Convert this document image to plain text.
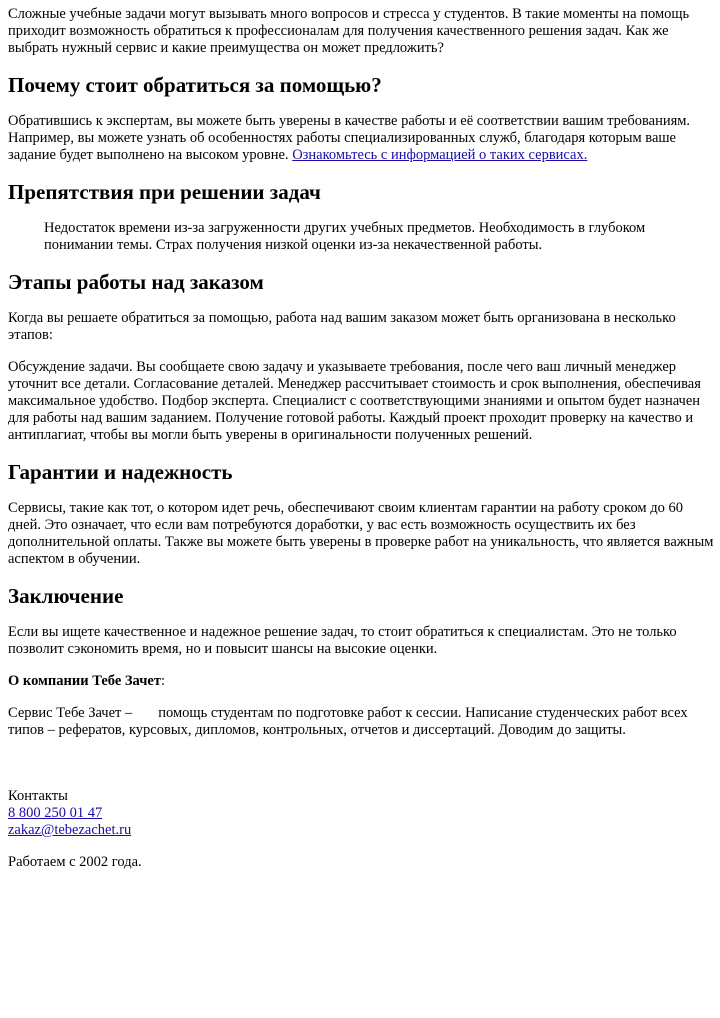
Сложные учебные задачи могут вызывать много вопросов и стресса у студентов. В такие моменты на помощь приходит возможность обратиться к профессионалам для получения качественного решения задач. Как же выбрать нужный сервис и какие преимущества он может предложить?

Почему стоит обратиться за помощью?

Обратившись к экспертам, вы можете быть уверены в качестве работы и её соответствии вашим требованиям. Например, вы можете узнать об особенностях работы специализированных служб, благодаря которым ваше задание будет выполнено на высоком уровне. Ознакомьтесь с информацией о таких сервисах.

Препятствия при решении задач
Недостаток времени из-за загруженности других учебных предметов. Необходимость в глубоком понимании темы. Страх получения низкой оценки из-за некачественной работы.
Этапы работы над заказом

Когда вы решаете обратиться за помощью, работа над вашим заказом может быть организована в несколько этапов:

Обсуждение задачи. Вы сообщаете свою задачу и указываете требования, после чего ваш личный менеджер уточнит все детали. Согласование деталей. Менеджер рассчитывает стоимость и срок выполнения, обеспечивая максимальное удобство. Подбор эксперта. Специалист с соответствующими знаниями и опытом будет назначен для работы над вашим заданием. Получение готовой работы. Каждый проект проходит проверку на качество и антиплагиат, чтобы вы могли быть уверены в оригинальности полученных решений.

Гарантии и надежность

Сервисы, такие как тот, о котором идет речь, обеспечивают своим клиентам гарантии на работу сроком до 60 дней. Это означает, что если вам потребуются доработки, у вас есть возможность осуществить их без дополнительной оплаты. Также вы можете быть уверены в проверке работ на уникальность, что является важным аспектом в обучении.

Заключение

Если вы ищете качественное и надежное решение задач, то стоит обратиться к специалистам. Это не только позволит сэкономить время, но и повысит шансы на высокие оценки.

О компании Тебе Зачет:

Сервис Тебе Зачет – помощь студентам по подготовке работ к сессии. Написание студенческих работ всех типов – рефератов, курсовых, дипломов, контрольных, отчетов и диссертаций. Доводим до защиты.

Контакты
8 800 250 01 47
zakaz@tebezachet.ru

Работаем с 2002 года.
